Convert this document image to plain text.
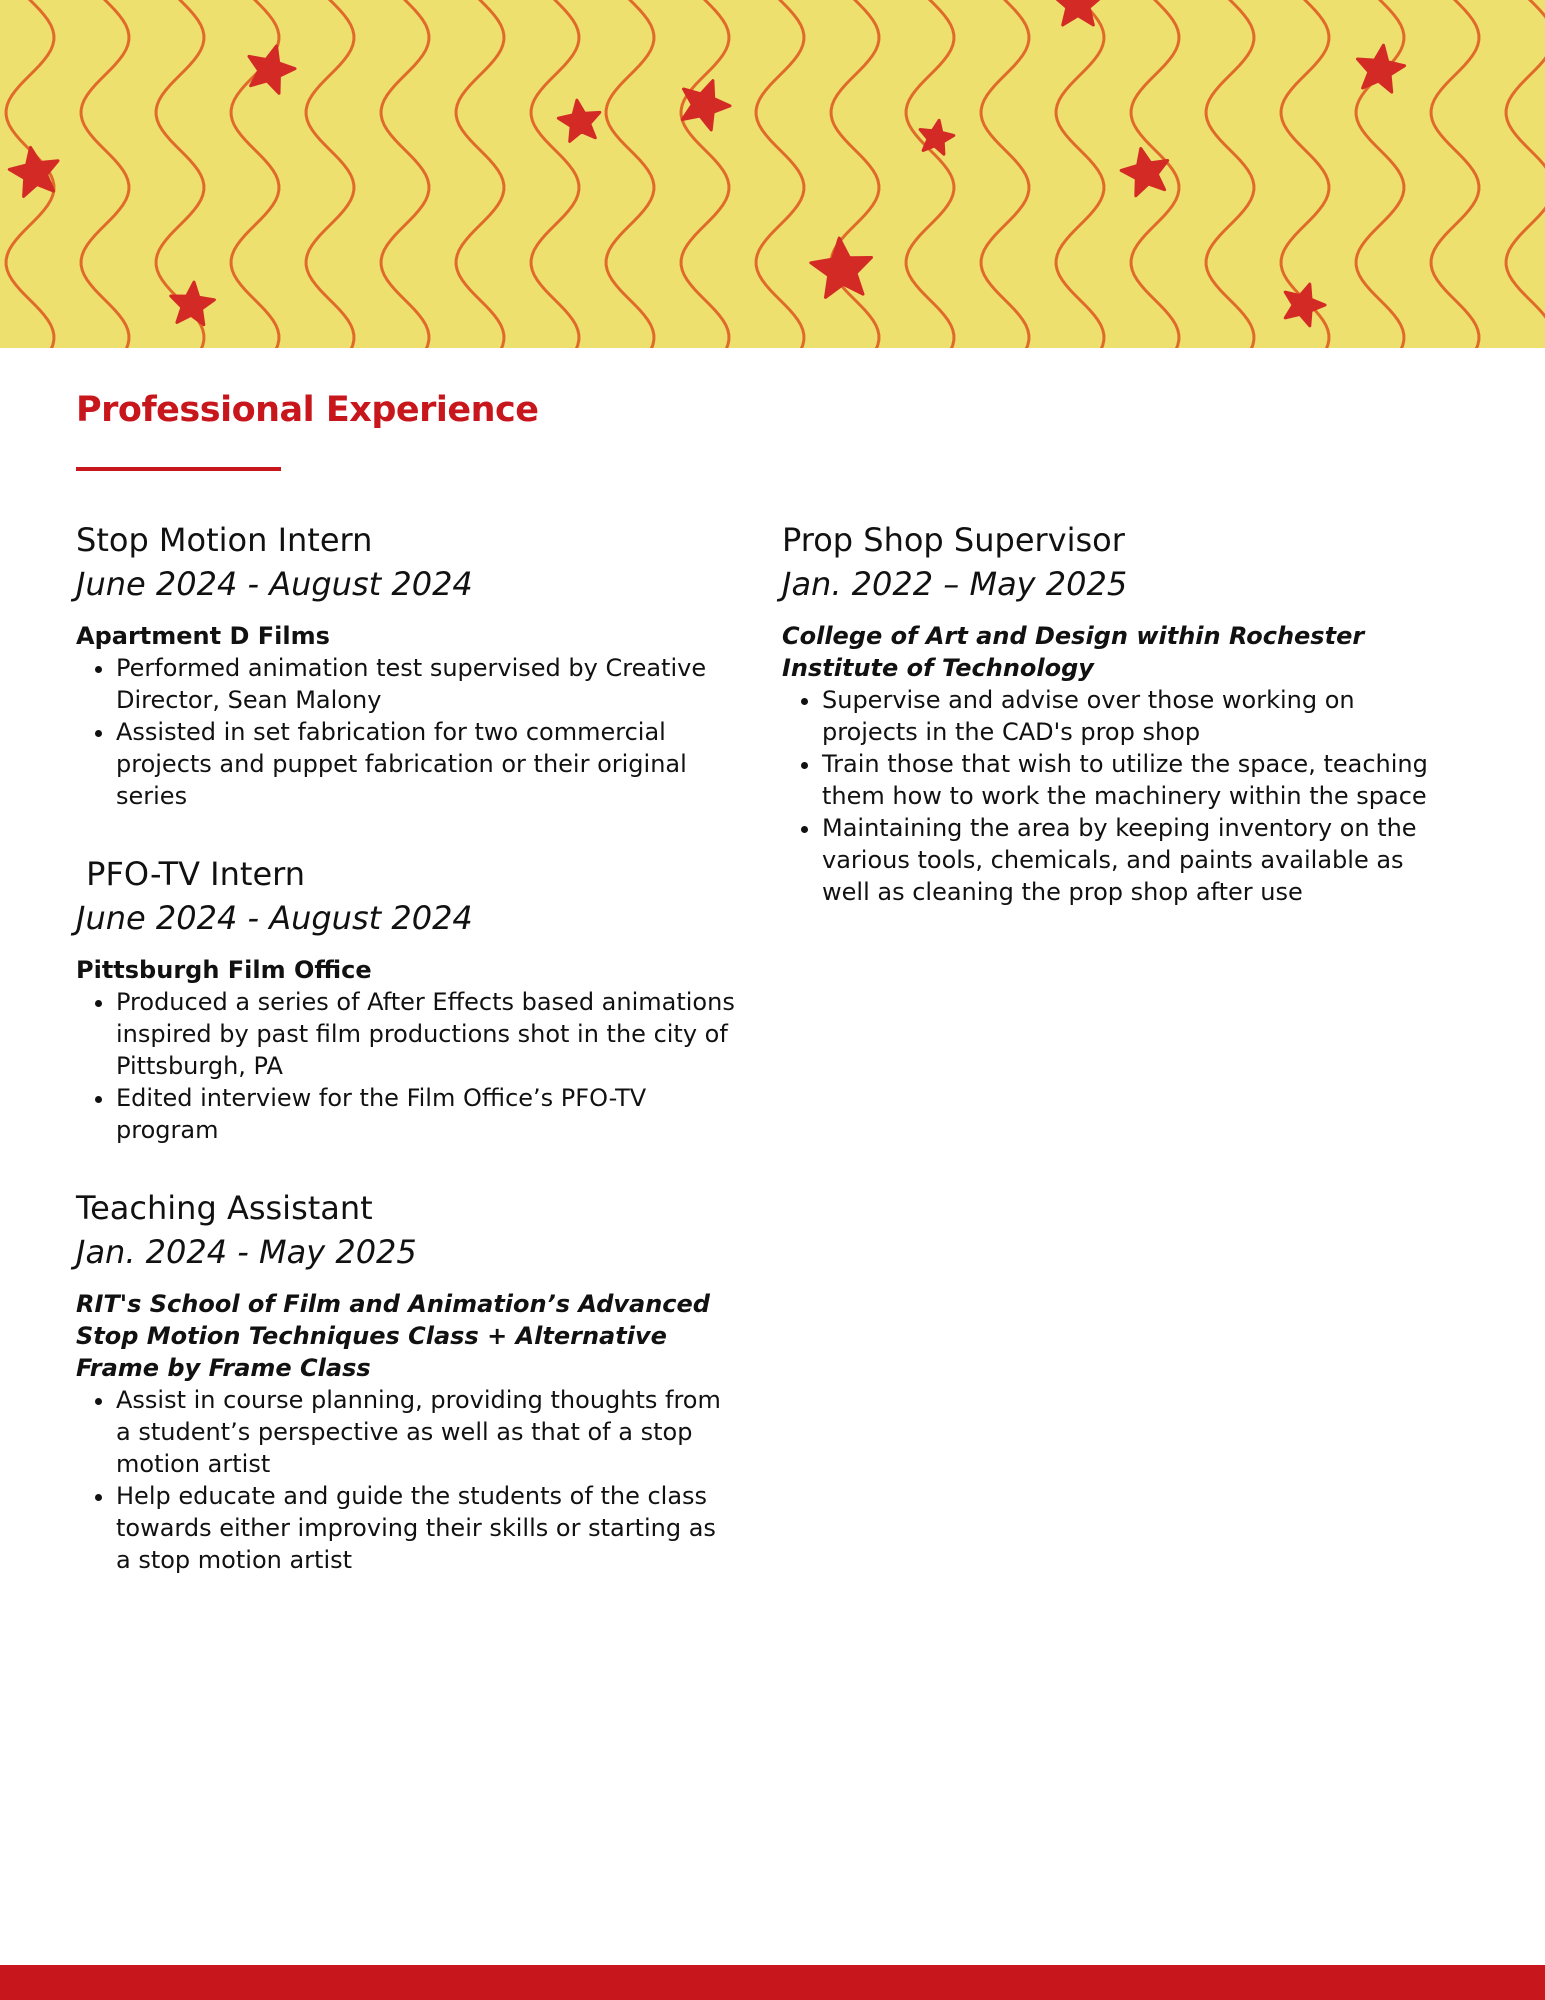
Professional Experience

Stop Motion Intern

June 2024 - August 2024

Apartment D Films

• Performed animation test supervised by Creative Director, Sean Malony
• Assisted in set fabrication for two commercial projects and puppet fabrication or their original series

PFO-TV Intern

June 2024 - August 2024

Pittsburgh Film Office

• Produced a series of After Effects based animations inspired by past film productions shot in the city of Pittsburgh, PA
• Edited interview for the Film Office’s PFO-TV program

Teaching Assistant

Jan. 2024 - May 2025

RIT's School of Film and Animation’s Advanced Stop Motion Techniques Class + Alternative Frame by Frame Class

• Assist in course planning, providing thoughts from a student’s perspective as well as that of a stop motion artist
• Help educate and guide the students of the class towards either improving their skills or starting as a stop motion artist

Prop Shop Supervisor

Jan. 2022 – May 2025

College of Art and Design within Rochester Institute of Technology

• Supervise and advise over those working on projects in the CAD's prop shop
• Train those that wish to utilize the space, teaching them how to work the machinery within the space
• Maintaining the area by keeping inventory on the various tools, chemicals, and paints available as well as cleaning the prop shop after use
